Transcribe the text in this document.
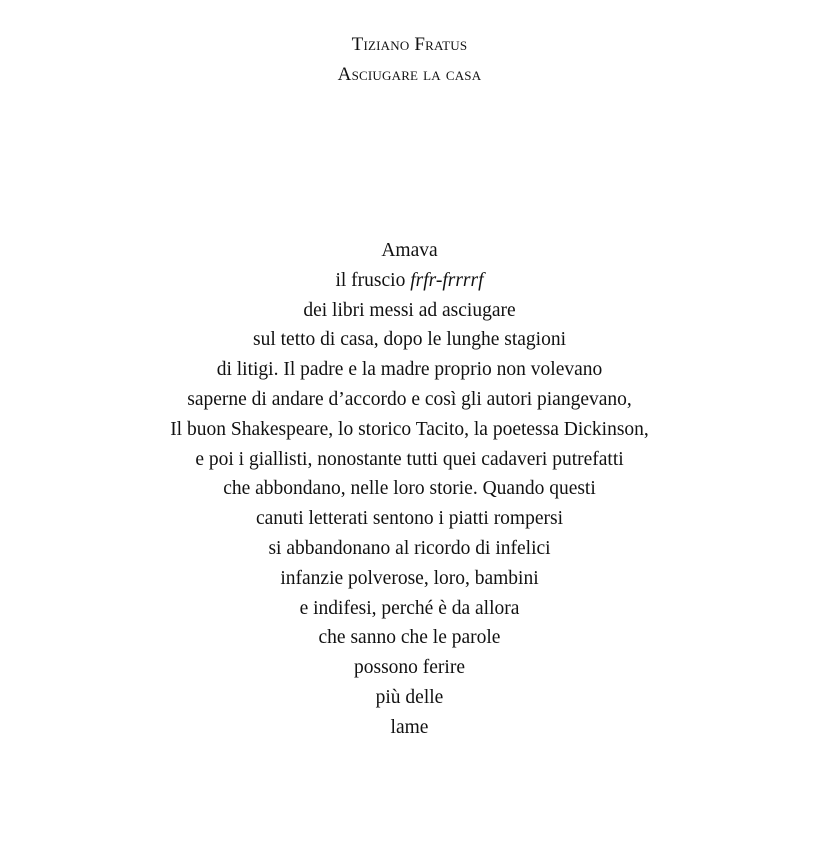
Tiziano Fratus
Asciugare la casa
Amava
il fruscio frfr-frrrrf
dei libri messi ad asciugare
sul tetto di casa, dopo le lunghe stagioni
di litigi. Il padre e la madre proprio non volevano
saperne di andare d’accordo e così gli autori piangevano,
Il buon Shakespeare, lo storico Tacito, la poetessa Dickinson,
e poi i giallisti, nonostante tutti quei cadaveri putrefatti
che abbondano, nelle loro storie. Quando questi
canuti letterati sentono i piatti rompersi
si abbandonano al ricordo di infelici
infanzie polverose, loro, bambini
e indifesi, perché è da allora
che sanno che le parole
possono ferire
più delle
lame
